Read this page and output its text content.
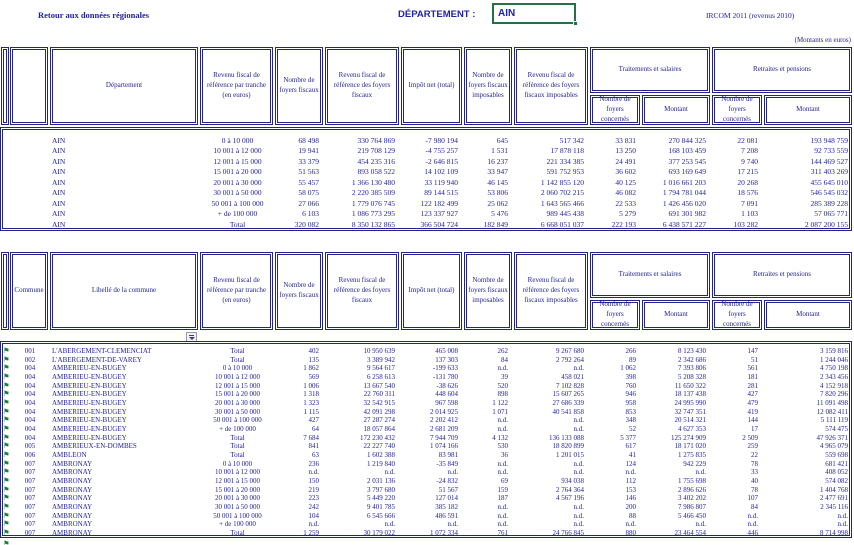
Retour aux données régionales	DÉPARTEMENT :	AIN	IRCOM 2011 (revenus 2010)
(Montants en euros)
Département
Revenu fiscal de référence par tranche (en euros)
Nombre de foyers fiscaux
Revenu fiscal de référence des foyers fiscaux
Impôt net (total)
Nombre de foyers fiscaux imposables
Revenu fiscal de référence des foyers fiscaux imposables
Traitements et salaires
Nombre de foyers concernés
Montant
Retraites et pensions
Nombre de foyers concernés
Montant
AIN	0 à 10 000	68 498	330 764 869	-7 980 194	645	517 342	33 831	270 844 325	22 081	193 948 759
AIN	10 001 à 12 000	19 941	219 708 129	-4 755 257	1 531	17 878 118	13 250	168 103 459	7 208	92 733 559
AIN	12 001 à 15 000	33 379	454 235 316	-2 646 815	16 237	221 334 385	24 491	377 253 545	9 740	144 469 527
AIN	15 001 à 20 000	51 563	893 058 522	14 102 109	33 947	591 752 953	36 602	693 169 649	17 215	311 403 269
AIN	20 001 à 30 000	55 457	1 366 130 480	33 119 940	46 145	1 142 855 120	40 125	1 016 661 203	20 268	455 645 010
AIN	30 001 à 50 000	58 075	2 220 385 509	89 144 515	53 806	2 060 702 215	46 082	1 794 781 044	18 576	546 545 032
AIN	50 001 à 100 000	27 066	1 779 076 745	122 182 499	25 062	1 643 565 466	22 533	1 426 456 020	7 091	285 389 228
AIN	+ de 100 000	6 103	1 086 773 295	123 337 927	5 476	989 445 438	5 279	691 301 982	1 103	57 065 771
AIN	Total	320 082	8 350 132 865	366 504 724	182 849	6 668 051 037	222 193	6 438 571 227	103 282	2 087 200 155
Commune	Libellé de la commune
Revenu fiscal de référence par tranche (en euros)
Nombre de foyers fiscaux
Revenu fiscal de référence des foyers fiscaux
Impôt net (total)
Nombre de foyers fiscaux imposables
Revenu fiscal de référence des foyers fiscaux imposables
Traitements et salaires
Nombre de foyers concernés
Montant
Retraites et pensions
Nombre de foyers concernés
Montant
⚑	001	L'ABERGEMENT-CLEMENCIAT	Total	402	10 950 639	465 008	262	9 267 680	266	8 123 430	147	3 159 816
⚑	002	L'ABERGEMENT-DE-VAREY	Total	135	3 389 942	137 303	84	2 792 264	89	2 342 686	51	1 244 046
⚑	004	AMBERIEU-EN-BUGEY	0 à 10 000	1 862	9 564 617	-199 633	n.d.	n.d.	1 062	7 393 806	561	4 750 198
⚑	004	AMBERIEU-EN-BUGEY	10 001 à 12 000	569	6 258 613	-131 780	39	458 021	398	5 208 328	181	2 343 456
⚑	004	AMBERIEU-EN-BUGEY	12 001 à 15 000	1 006	13 667 540	-38 626	520	7 102 828	760	11 650 322	281	4 152 918
⚑	004	AMBERIEU-EN-BUGEY	15 001 à 20 000	1 318	22 760 311	448 604	898	15 607 265	946	18 137 438	427	7 820 296
⚑	004	AMBERIEU-EN-BUGEY	20 001 à 30 000	1 323	32 542 915	967 598	1 122	27 686 339	958	24 995 990	479	11 091 498
⚑	004	AMBERIEU-EN-BUGEY	30 001 à 50 000	1 115	42 091 298	2 014 925	1 071	40 541 858	853	32 747 351	419	12 082 411
⚑	004	AMBERIEU-EN-BUGEY	50 001 à 100 000	427	27 287 274	2 202 412	n.d.	n.d.	348	20 514 321	144	5 111 119
⚑	004	AMBERIEU-EN-BUGEY	+ de 100 000	64	18 057 864	2 681 209	n.d.	n.d.	52	4 627 353	17	574 475
⚑	004	AMBERIEU-EN-BUGEY	Total	7 684	172 230 432	7 944 709	4 132	136 133 088	5 377	125 274 909	2 509	47 926 371
⚑	005	AMBERIEUX-EN-DOMBES	Total	841	22 227 740	1 074 166	530	18 820 899	617	18 171 020	259	4 965 079
⚑	006	AMBLEON	Total	63	1 602 388	83 981	36	1 201 015	41	1 275 835	22	559 698
⚑	007	AMBRONAY	0 à 10 000	236	1 219 840	-35 849	n.d.	n.d.	124	942 229	78	681 421
⚑	007	AMBRONAY	10 001 à 12 000	n.d.	n.d.	n.d.	n.d.	n.d.	n.d.	n.d.	33	408 052
⚑	007	AMBRONAY	12 001 à 15 000	150	2 031 136	-24 832	69	934 038	112	1 755 698	40	574 082
⚑	007	AMBRONAY	15 001 à 20 000	219	3 797 680	51 567	159	2 764 364	153	2 896 626	78	1 404 768
⚑	007	AMBRONAY	20 001 à 30 000	223	5 449 220	127 014	187	4 567 196	146	3 402 202	107	2 477 691
⚑	007	AMBRONAY	30 001 à 50 000	242	9 401 785	385 182	n.d.	n.d.	200	7 986 807	84	2 345 116
⚑	007	AMBRONAY	50 001 à 100 000	104	6 545 666	486 591	n.d.	n.d.	88	5 466 450	n.d.	n.d.
⚑	007	AMBRONAY	+ de 100 000	n.d.	n.d.	n.d.	n.d.	n.d.	n.d.	n.d.	n.d.	n.d.
⚑	007	AMBRONAY	Total	1 259	30 179 022	1 072 334	761	24 766 845	880	23 464 554	446	8 714 998
⚑
